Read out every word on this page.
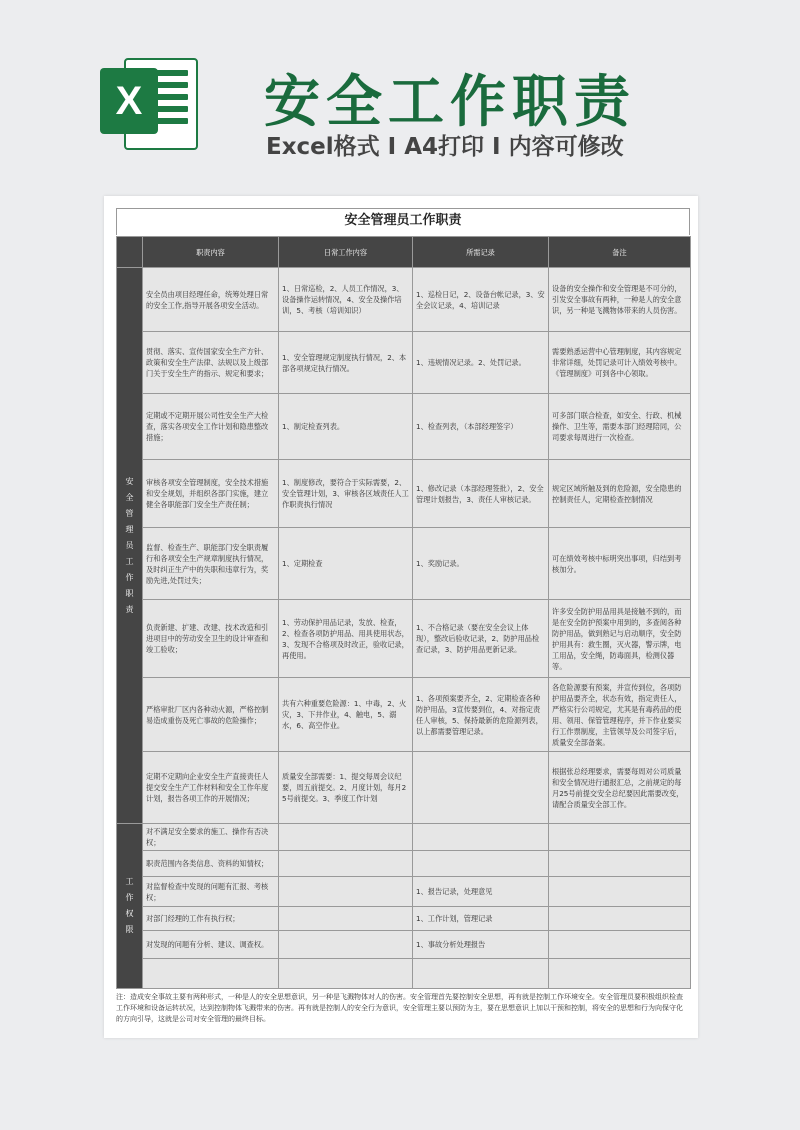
X 安全工作职责
Excel格式 I A4打印 I 内容可修改
安全管理员工作职责
	职责内容	日常工作内容	所需记录	备注
安全管理员工作职责	安全员由项目经理任命，统筹处理日常的安全工作,指导开展各项安全活动。	1、日常巡检，2、人员工作情况，3、设备操作运转情况，4、安全及操作培训，5、考核（培训知识）	1、巡检日记，2、设备台帐记录，3、安全会议记录，4、培训记录	设备的安全操作和安全管理是不可分的，引发安全事故有两种，一种是人的安全意识，另一种是飞溅物体带来的人员伤害。
	贯彻、落实、宣传国家安全生产方针、政策和安全生产法律、法规以及上级部门关于安全生产的指示、规定和要求；	1、安全管理规定制度执行情况，2、本部各项规定执行情况。	1、违规情况记录。2、处罚记录。	需要熟悉运营中心管理制度，其内容规定非常详细，处罚记录可计入绩效考核中。《管理制度》可到各中心领取。
	定期或不定期开展公司性安全生产大检查，落实各项安全工作计划和隐患整改措施；	1、制定检查列表。	1、检查列表，（本部经理签字）	可多部门联合检查，如安全、行政、机械操作、卫生等，需要本部门经理陪同，公司要求每周进行一次检查。
	审核各项安全管理制度，安全技术措施和安全规划，并组织各部门实施，建立健全各职能部门安全生产责任制；	1、制度修改，要符合于实际需要，2、安全管理计划，3、审核各区域责任人工作职责执行情况	1、修改记录（本部经理签批），2、安全管理计划报告，3、责任人审核记录。	规定区域所触及到的危险源，安全隐患的控制责任人，定期检查控制情况
	监督、检查生产、职能部门安全职责履行和各项安全生产规章制度执行情况，及时纠正生产中的失职和违章行为，奖励先进,处罚过失；	1、定期检查	1、奖励记录。	可在绩效考核中标明突出事项，归结到考核加分。
	负责新建、扩建、改建、技术改造和引进项目中的劳动安全卫生的设计审查和竣工验收；	1、劳动保护用品记录，发放、检查，2、检查各项防护用品、用具使用状态，3、发现不合格项及时改正，验收记录，再使用。	1、不合格记录（要在安全会议上体现），整改后验收记录，2、防护用品检查记录，3、防护用品更新记录。	许多安全防护用品用具是接触不到的，而是在安全防护预案中用到的，多查阅各种防护用品，做到熟记与启动顺序，安全防护用具有：救生圈，灭火器，警示牌，电工用品，安全绳，防毒面具，检测仪器等。
	严格审批厂区内各种动火源，严格控制易造成重伤及死亡事故的危险操作；	共有六种重要危险源：1、中毒，2、火灾，3、下井作业，4、触电，5、溺水，6、高空作业。	1、各项预案要齐全，2、定期检查各种防护用品，3宣传要到位，4、对指定责任人审核，5、保持最新的危险源列表，以上都需要管理记录。	各危险源要有预案，并宣传到位，各项防护用品要齐全，状态有效，指定责任人，严格实行公司规定，尤其是有毒药品的使用、领用、保管管理程序，并下作业要实行工作票制度，主管领导及公司签字后，质量安全部备案。
	定期不定期向企业安全生产直接责任人提交安全生产工作材料和安全工作年度计划，报告各项工作的开展情况；	质量安全部需要：1、提交每周会议纪要，周五前提交。2、月度计划，每月25号前提交。3、季度工作计划		根据张总经理要求，需要每周对公司质量和安全情况进行通报汇总，之前规定的每月25号前提交安全总纪要因此需要改变，请配合质量安全部工作。
工作权限	对不满足安全要求的施工、操作有否决权；			
	职责范围内各类信息、资料的知情权；			
	对监督检查中发现的问题有汇报、考核权；		1、报告记录，处理意见	
	对部门经理的工作有执行权；		1、工作计划，管理记录	
	对发现的问题有分析、建议、调查权。		1、事故分析处理报告	

注：造成安全事故主要有两种形式，一种是人的安全思想意识，另一种是飞溅物体对人的伤害。安全管理首先要控制安全思想，再有就是控制工作环境安全。安全管理员要积极组织检查工作环境和设备运转状况，达到控制物体飞溅带来的伤害。再有就是控制人的安全行为意识，安全管理主要以预防为主，要在思想意识上加以干预和控制，将安全的思想和行为向保守化的方向引导，这就是公司对安全管理的最终目标。
